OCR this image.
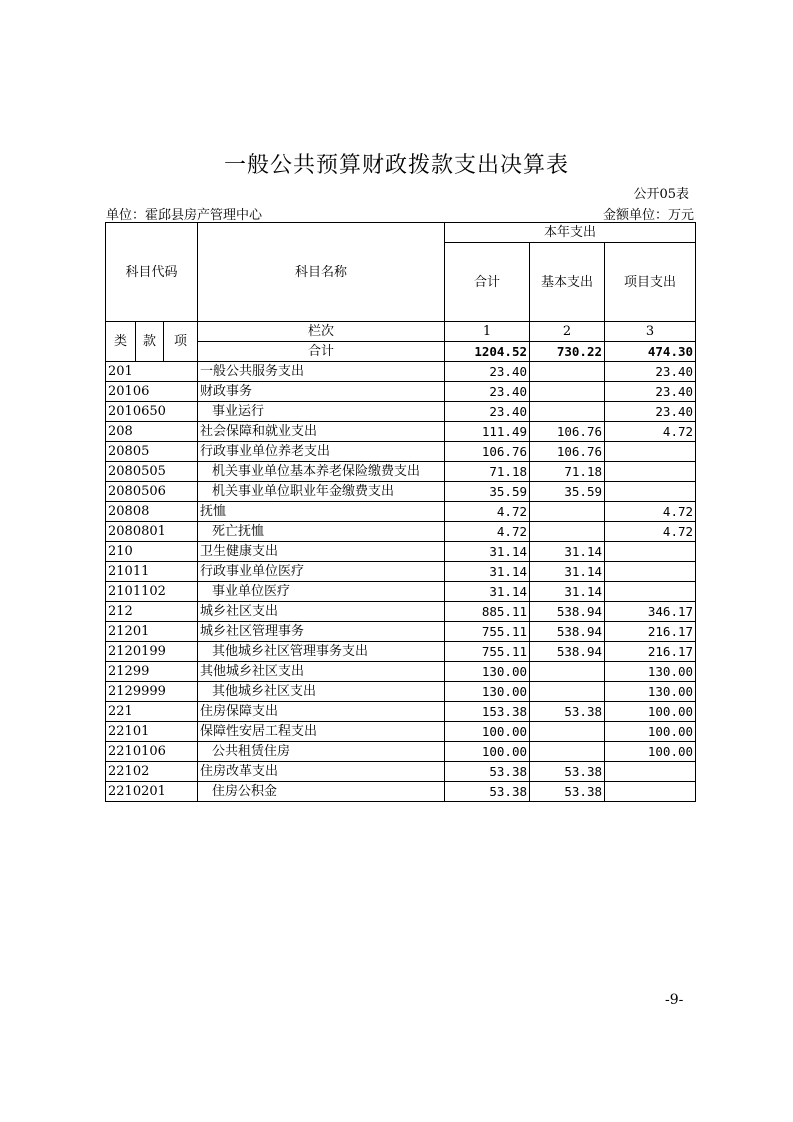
一般公共预算财政拨款支出决算表
公开05表
单位：霍邱县房产管理中心	金额单位：万元
科目代码			科目名称	本年支出		
				合计	基本支出	项目支出
类	款	项	栏次	1	2	3
			合计	1204.52	730.22	474.30
201			一般公共服务支出	23.40		23.40
20106			财政事务	23.40		23.40
2010650			事业运行	23.40		23.40
208			社会保障和就业支出	111.49	106.76	4.72
20805			行政事业单位养老支出	106.76	106.76	
2080505			机关事业单位基本养老保险缴费支出	71.18	71.18	
2080506			机关事业单位职业年金缴费支出	35.59	35.59	
20808			抚恤	4.72		4.72
2080801			死亡抚恤	4.72		4.72
210			卫生健康支出	31.14	31.14	
21011			行政事业单位医疗	31.14	31.14	
2101102			事业单位医疗	31.14	31.14	
212			城乡社区支出	885.11	538.94	346.17
21201			城乡社区管理事务	755.11	538.94	216.17
2120199			其他城乡社区管理事务支出	755.11	538.94	216.17
21299			其他城乡社区支出	130.00		130.00
2129999			其他城乡社区支出	130.00		130.00
221			住房保障支出	153.38	53.38	100.00
22101			保障性安居工程支出	100.00		100.00
2210106			公共租赁住房	100.00		100.00
22102			住房改革支出	53.38	53.38	
2210201			住房公积金	53.38	53.38	
-9-
